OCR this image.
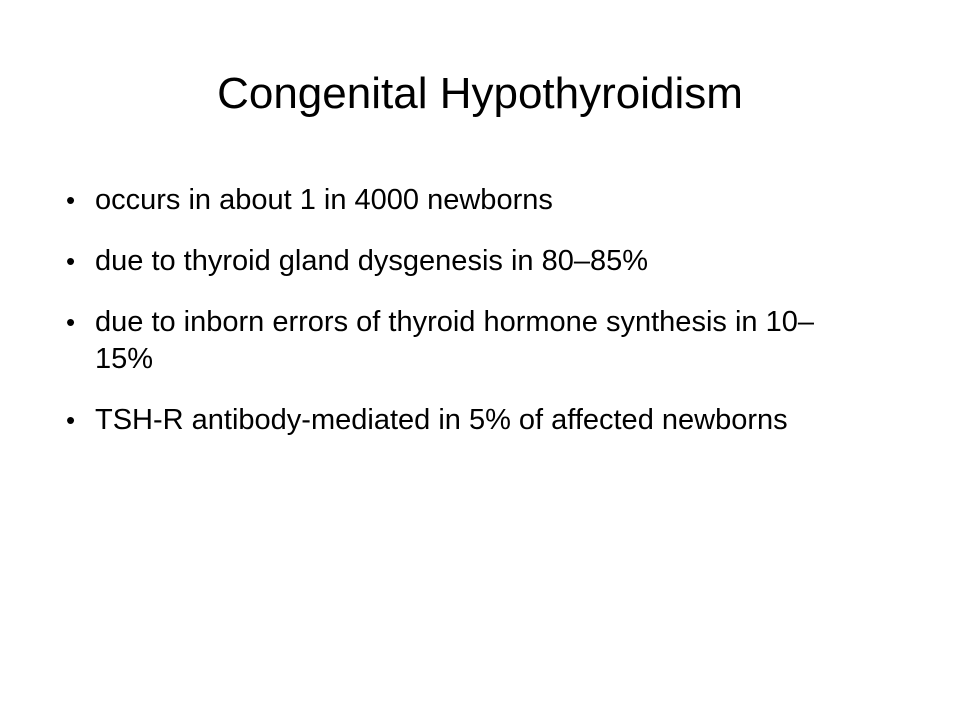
Congenital Hypothyroidism
• occurs in about 1 in 4000 newborns
• due to thyroid gland dysgenesis in 80–85%
• due to inborn errors of thyroid hormone synthesis in 10–15%
• TSH-R antibody-mediated in 5% of affected newborns
